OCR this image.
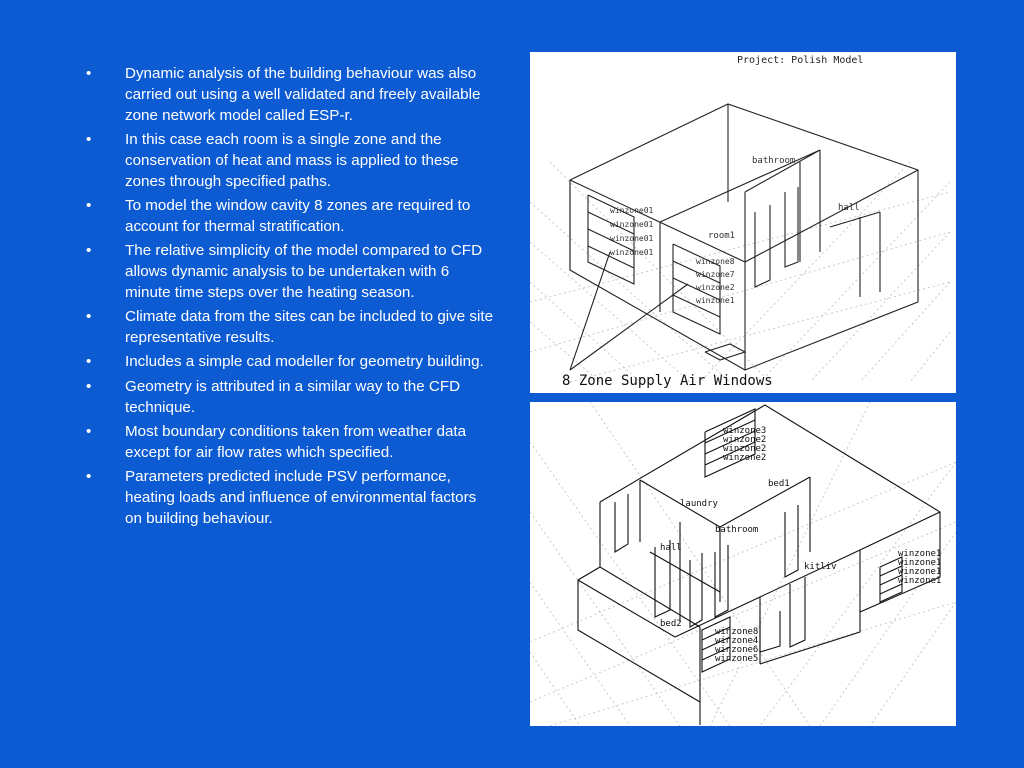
• Dynamic analysis of the building behaviour was also carried out using a well validated and freely available zone network model called ESP-r.
• In this case each room is a single zone and the conservation of heat and mass is applied to these zones through specified paths.
• To model the window cavity 8 zones are required to account for thermal stratification.
• The relative simplicity of the model compared to CFD allows dynamic analysis to be undertaken with 6 minute time steps over the heating season.
• Climate data from the sites can be included to give site representative results.
• Includes a simple cad modeller for geometry building.
• Geometry is attributed in a similar way to the CFD technique.
• Most boundary conditions taken from weather data except for air flow rates which specified.
• Parameters predicted include PSV performance, heating loads and influence of environmental factors on building behaviour.
Project: Polish Model
bathroom
hall
room1
winzone01
winzone01
winzone01
winzone01
winzone8
winzone7
winzone2
winzone1
8 Zone Supply Air Windows
winzone3
winzone2
winzone2
winzone2
bed1
laundry
bathroom
hall
kitliv
bed2
winzone1
winzone1
winzone1
winzone1
winzone8
winzone4
winzone6
winzone5
